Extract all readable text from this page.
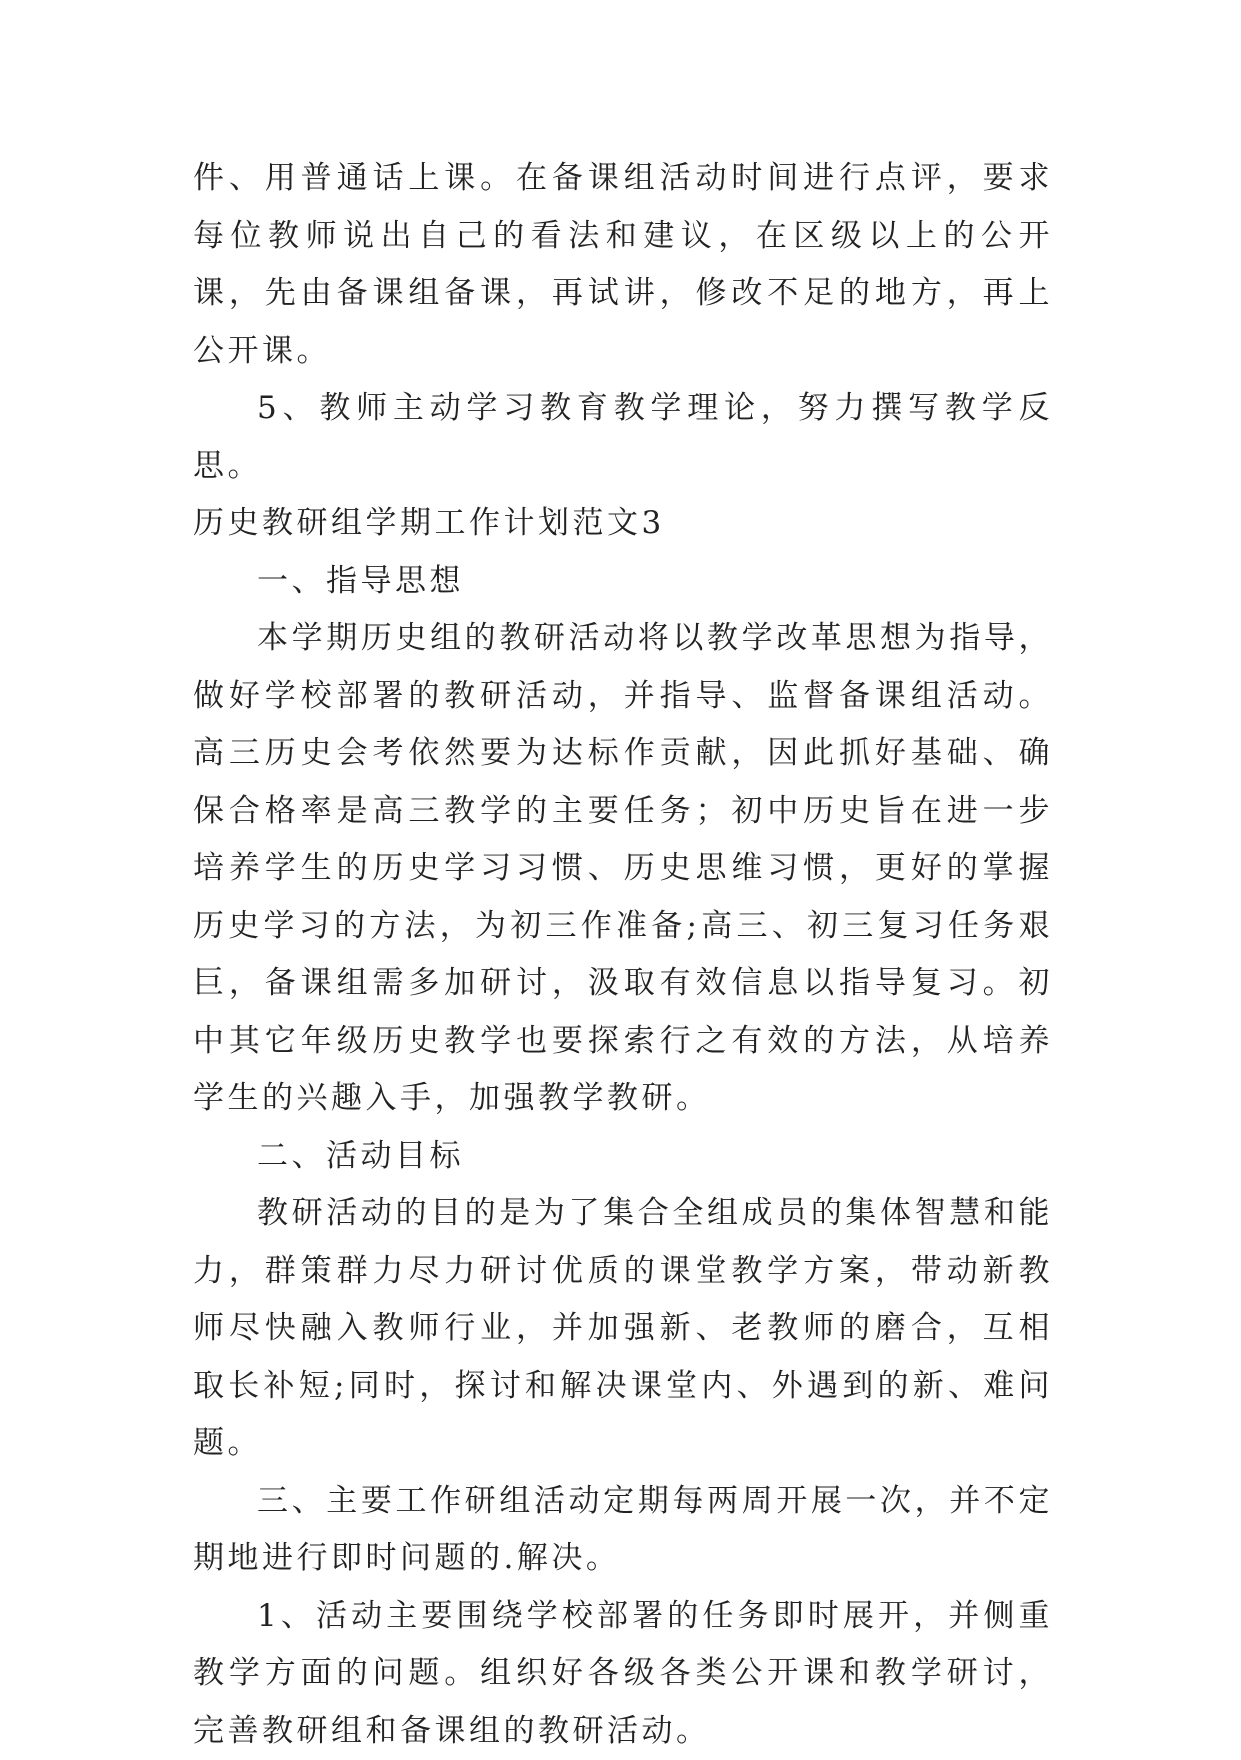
件、用普通话上课。在备课组活动时间进行点评，要求每位教师说出自己的看法和建议，在区级以上的公开课，先由备课组备课，再试讲，修改不足的地方，再上公开课。

5、教师主动学习教育教学理论，努力撰写教学反思。

历史教研组学期工作计划范文3

一、指导思想

本学期历史组的教研活动将以教学改革思想为指导，做好学校部署的教研活动，并指导、监督备课组活动。高三历史会考依然要为达标作贡献，因此抓好基础、确保合格率是高三教学的主要任务；初中历史旨在进一步培养学生的历史学习习惯、历史思维习惯，更好的掌握历史学习的方法，为初三作准备;高三、初三复习任务艰巨，备课组需多加研讨，汲取有效信息以指导复习。初中其它年级历史教学也要探索行之有效的方法，从培养学生的兴趣入手，加强教学教研。

二、活动目标

教研活动的目的是为了集合全组成员的集体智慧和能力，群策群力尽力研讨优质的课堂教学方案，带动新教师尽快融入教师行业，并加强新、老教师的磨合，互相取长补短;同时，探讨和解决课堂内、外遇到的新、难问题。

三、主要工作研组活动定期每两周开展一次，并不定期地进行即时问题的.解决。

1、活动主要围绕学校部署的任务即时展开，并侧重教学方面的问题。组织好各级各类公开课和教学研讨，完善教研组和备课组的教研活动。
